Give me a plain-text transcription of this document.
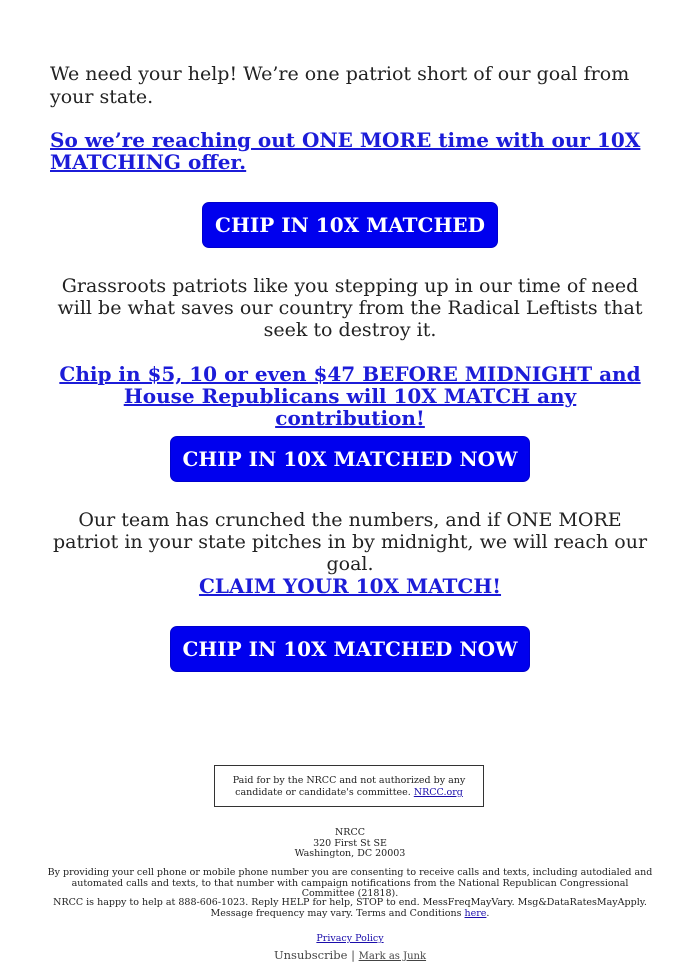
We need your help! We’re one patriot short of our goal from your state.

So we’re reaching out ONE MORE time with our 10X MATCHING offer.

CHIP IN 10X MATCHED

Grassroots patriots like you stepping up in our time of need will be what saves our country from the Radical Leftists that seek to destroy it.

Chip in $5, 10 or even $47 BEFORE MIDNIGHT and House Republicans will 10X MATCH any contribution!

CHIP IN 10X MATCHED NOW

Our team has crunched the numbers, and if ONE MORE patriot in your state pitches in by midnight, we will reach our goal.

CLAIM YOUR 10X MATCH!

CHIP IN 10X MATCHED NOW
Paid for by the NRCC and not authorized by any candidate or candidate's committee. NRCC.org
NRCC
320 First St SE
Washington, DC 20003
By providing your cell phone or mobile phone number you are consenting to receive calls and texts, including autodialed and automated calls and texts, to that number with campaign notifications from the National Republican Congressional Committee (21818).
NRCC is happy to help at 888-606-1023. Reply HELP for help, STOP to end. MessFreqMayVary. Msg&DataRatesMayApply. Message frequency may vary. Terms and Conditions here.
Privacy Policy
Unsubscribe | Mark as Junk
